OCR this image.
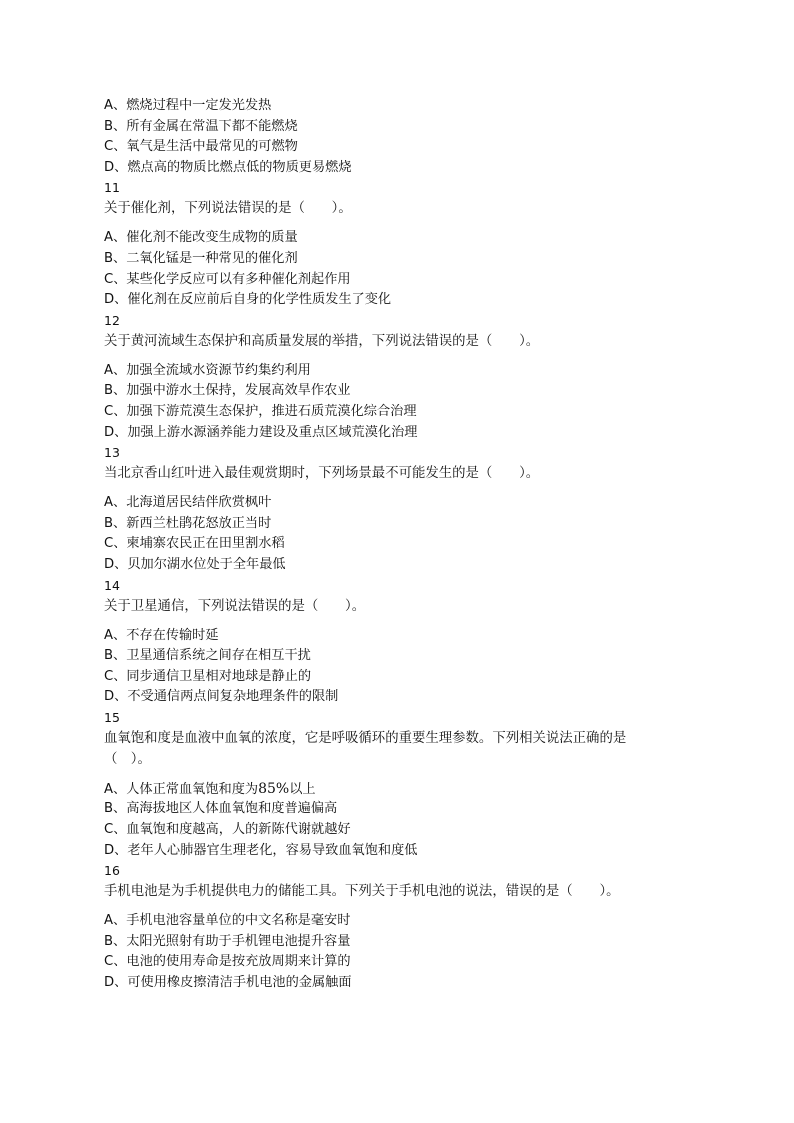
A、燃烧过程中一定发光发热
B、所有金属在常温下都不能燃烧
C、氧气是生活中最常见的可燃物
D、燃点高的物质比燃点低的物质更易燃烧
11
关于催化剂，下列说法错误的是（　　）。
A、催化剂不能改变生成物的质量
B、二氧化锰是一种常见的催化剂
C、某些化学反应可以有多种催化剂起作用
D、催化剂在反应前后自身的化学性质发生了变化
12
关于黄河流域生态保护和高质量发展的举措，下列说法错误的是（　　）。
A、加强全流域水资源节约集约利用
B、加强中游水土保持，发展高效旱作农业
C、加强下游荒漠生态保护，推进石质荒漠化综合治理
D、加强上游水源涵养能力建设及重点区域荒漠化治理
13
当北京香山红叶进入最佳观赏期时，下列场景最不可能发生的是（　　）。
A、北海道居民结伴欣赏枫叶
B、新西兰杜鹃花怒放正当时
C、柬埔寨农民正在田里割水稻
D、贝加尔湖水位处于全年最低
14
关于卫星通信，下列说法错误的是（　　）。
A、不存在传输时延
B、卫星通信系统之间存在相互干扰
C、同步通信卫星相对地球是静止的
D、不受通信两点间复杂地理条件的限制
15
血氧饱和度是血液中血氧的浓度，它是呼吸循环的重要生理参数。下列相关说法正确的是（　）。
A、人体正常血氧饱和度为85%以上
B、高海拔地区人体血氧饱和度普遍偏高
C、血氧饱和度越高，人的新陈代谢就越好
D、老年人心肺器官生理老化，容易导致血氧饱和度低
16
手机电池是为手机提供电力的储能工具。下列关于手机电池的说法，错误的是（　　）。
A、手机电池容量单位的中文名称是毫安时
B、太阳光照射有助于手机锂电池提升容量
C、电池的使用寿命是按充放周期来计算的
D、可使用橡皮擦清洁手机电池的金属触面
